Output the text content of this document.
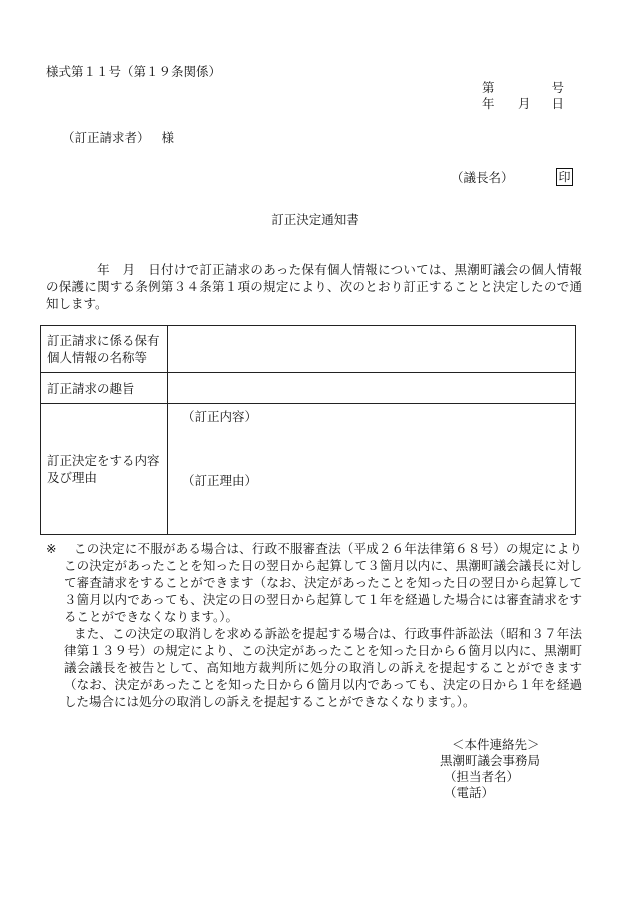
様式第１１号（第１９条関係）
第	号
年 月 日
（訂正請求者） 様
（議長名）	印
訂正決定通知書
　　　　年　月　日付けで訂正請求のあった保有個人情報については、黒潮町議会の個人情報の保護に関する条例第３４条第１項の規定により、次のとおり訂正することと決定したので通知します。
訂正請求に係る保有個人情報の名称等	
訂正請求の趣旨	
訂正決定をする内容及び理由	（訂正内容）
（訂正理由）
※	この決定に不服がある場合は、行政不服審査法（平成２６年法律第６８号）の規定によりこの決定があったことを知った日の翌日から起算して３箇月以内に、黒潮町議会議長に対して審査請求をすることができます（なお、決定があったことを知った日の翌日から起算して３箇月以内であっても、決定の日の翌日から起算して１年を経過した場合には審査請求をすることができなくなります。）。

また、この決定の取消しを求める訴訟を提起する場合は、行政事件訴訟法（昭和３７年法律第１３９号）の規定により、この決定があったことを知った日から６箇月以内に、黒潮町議会議長を被告として、高知地方裁判所に処分の取消しの訴えを提起することができます（なお、決定があったことを知った日から６箇月以内であっても、決定の日から１年を経過した場合には処分の取消しの訴えを提起することができなくなります。）。

＜本件連絡先＞
黒潮町議会事務局
（担当者名）
（電話）
